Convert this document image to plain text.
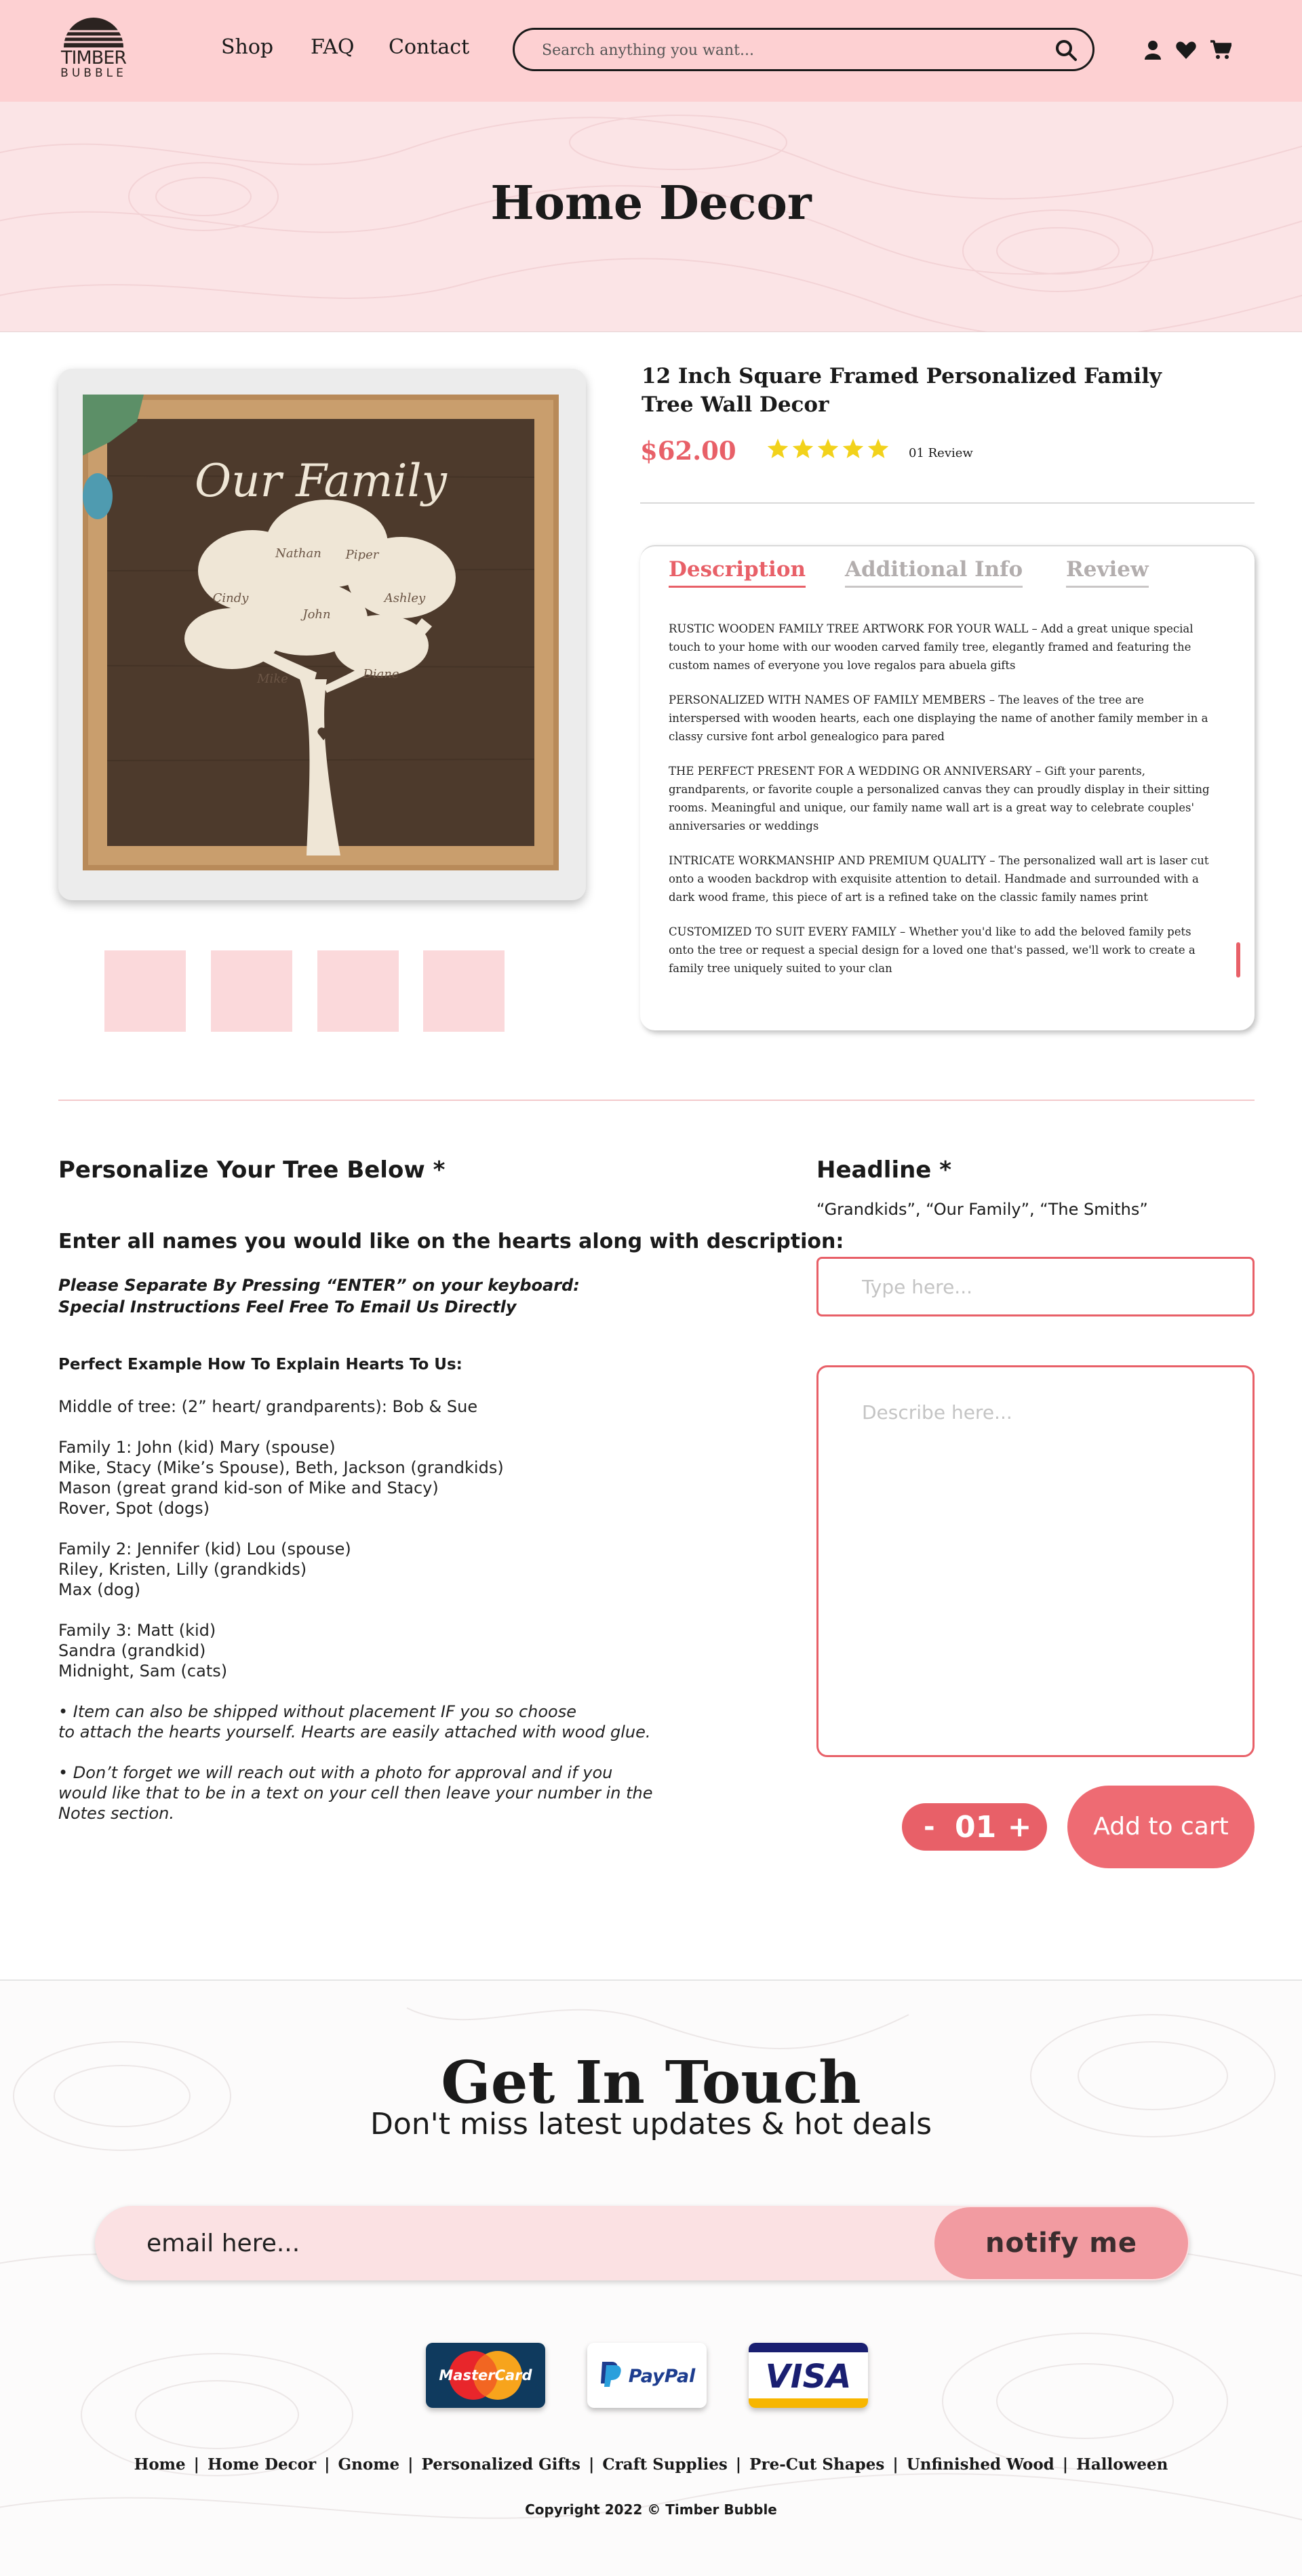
TIMBER
BUBBLE
Shop FAQ Contact
Search anything you want...
Home Decor
Our Family
Nathan Piper
Cindy
John
Ashley
Mike	Diane
12 Inch Square Framed Personalized Family Tree Wall Decor
$62.00	01 Review
Description Additional Info Review

RUSTIC WOODEN FAMILY TREE ARTWORK FOR YOUR WALL – Add a great unique special touch to your home with our wooden carved family tree, elegantly framed and featuring the custom names of everyone you love regalos para abuela gifts

PERSONALIZED WITH NAMES OF FAMILY MEMBERS – The leaves of the tree are interspersed with wooden hearts, each one displaying the name of another family member in a classy cursive font arbol genealogico para pared

THE PERFECT PRESENT FOR A WEDDING OR ANNIVERSARY – Gift your parents, grandparents, or favorite couple a personalized canvas they can proudly display in their sitting rooms. Meaningful and unique, our family name wall art is a great way to celebrate couples' anniversaries or weddings

INTRICATE WORKMANSHIP AND PREMIUM QUALITY – The personalized wall art is laser cut onto a wooden backdrop with exquisite attention to detail. Handmade and surrounded with a dark wood frame, this piece of art is a refined take on the classic family names print

CUSTOMIZED TO SUIT EVERY FAMILY – Whether you'd like to add the beloved family pets onto the tree or request a special design for a loved one that's passed, we'll work to create a family tree uniquely suited to your clan

Personalize Your Tree Below *
Enter all names you would like on the hearts along with description:
Please Separate By Pressing “ENTER” on your keyboard:
Special Instructions Feel Free To Email Us Directly
Perfect Example How To Explain Hearts To Us:
Middle of tree: (2” heart/ grandparents): Bob & Sue
Family 1: John (kid) Mary (spouse)
Mike, Stacy (Mike’s Spouse), Beth, Jackson (grandkids)
Mason (great grand kid-son of Mike and Stacy)
Rover, Spot (dogs)
Family 2: Jennifer (kid) Lou (spouse)
Riley, Kristen, Lilly (grandkids)
Max (dog)
Family 3: Matt (kid)
Sandra (grandkid)
Midnight, Sam (cats)
• Item can also be shipped without placement IF you so choose
to attach the hearts yourself. Hearts are easily attached with wood glue.
• Don’t forget we will reach out with a photo for approval and if you
would like that to be in a text on your cell then leave your number in the
Notes section.
Headline *
“Grandkids”, “Our Family”, “The Smiths”
Type here...
Describe here...
- 01 +	Add to cart
Get In Touch
Don't miss latest updates & hot deals
email here...
notify me
MasterCard	PayPal VISA
Home | Home Decor | Gnome | Personalized Gifts | Craft Supplies | Pre-Cut Shapes | Unfinished Wood | Halloween
Copyright 2022 © Timber Bubble
